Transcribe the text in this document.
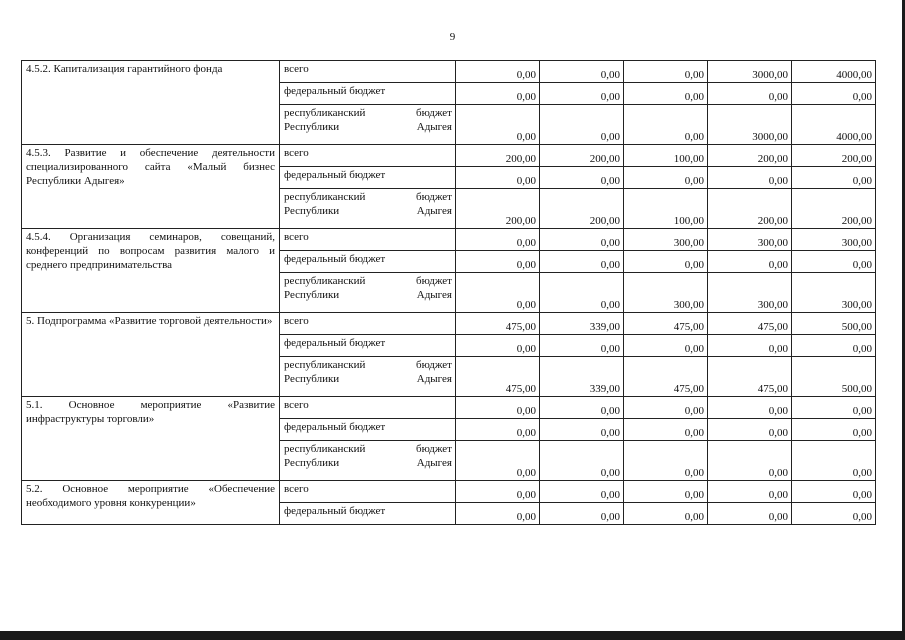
9
4.5.2. Капитализация гарантийного фонда	всего	0,00	0,00	0,00	3000,00	4000,00
	федеральный бюджет	0,00	0,00	0,00	0,00	0,00
	республиканский бюджет Республики Адыгея	0,00	0,00	0,00	3000,00	4000,00
4.5.3. Развитие и обеспечение деятельности специализированного сайта «Малый бизнес Республики Адыгея»	всего	200,00	200,00	100,00	200,00	200,00
	федеральный бюджет	0,00	0,00	0,00	0,00	0,00
	республиканский бюджет Республики Адыгея	200,00	200,00	100,00	200,00	200,00
4.5.4. Организация семинаров, совещаний, конференций по вопросам развития малого и среднего предпринимательства	всего	0,00	0,00	300,00	300,00	300,00
	федеральный бюджет	0,00	0,00	0,00	0,00	0,00
	республиканский бюджет Республики Адыгея	0,00	0,00	300,00	300,00	300,00
5. Подпрограмма «Развитие торговой деятельности»	всего	475,00	339,00	475,00	475,00	500,00
	федеральный бюджет	0,00	0,00	0,00	0,00	0,00
	республиканский бюджет Республики Адыгея	475,00	339,00	475,00	475,00	500,00
5.1. Основное мероприятие «Развитие инфраструктуры торговли»	всего	0,00	0,00	0,00	0,00	0,00
	федеральный бюджет	0,00	0,00	0,00	0,00	0,00
	республиканский бюджет Республики Адыгея	0,00	0,00	0,00	0,00	0,00
5.2. Основное мероприятие «Обеспечение необходимого уровня конкуренции»	всего	0,00	0,00	0,00	0,00	0,00
	федеральный бюджет	0,00	0,00	0,00	0,00	0,00
